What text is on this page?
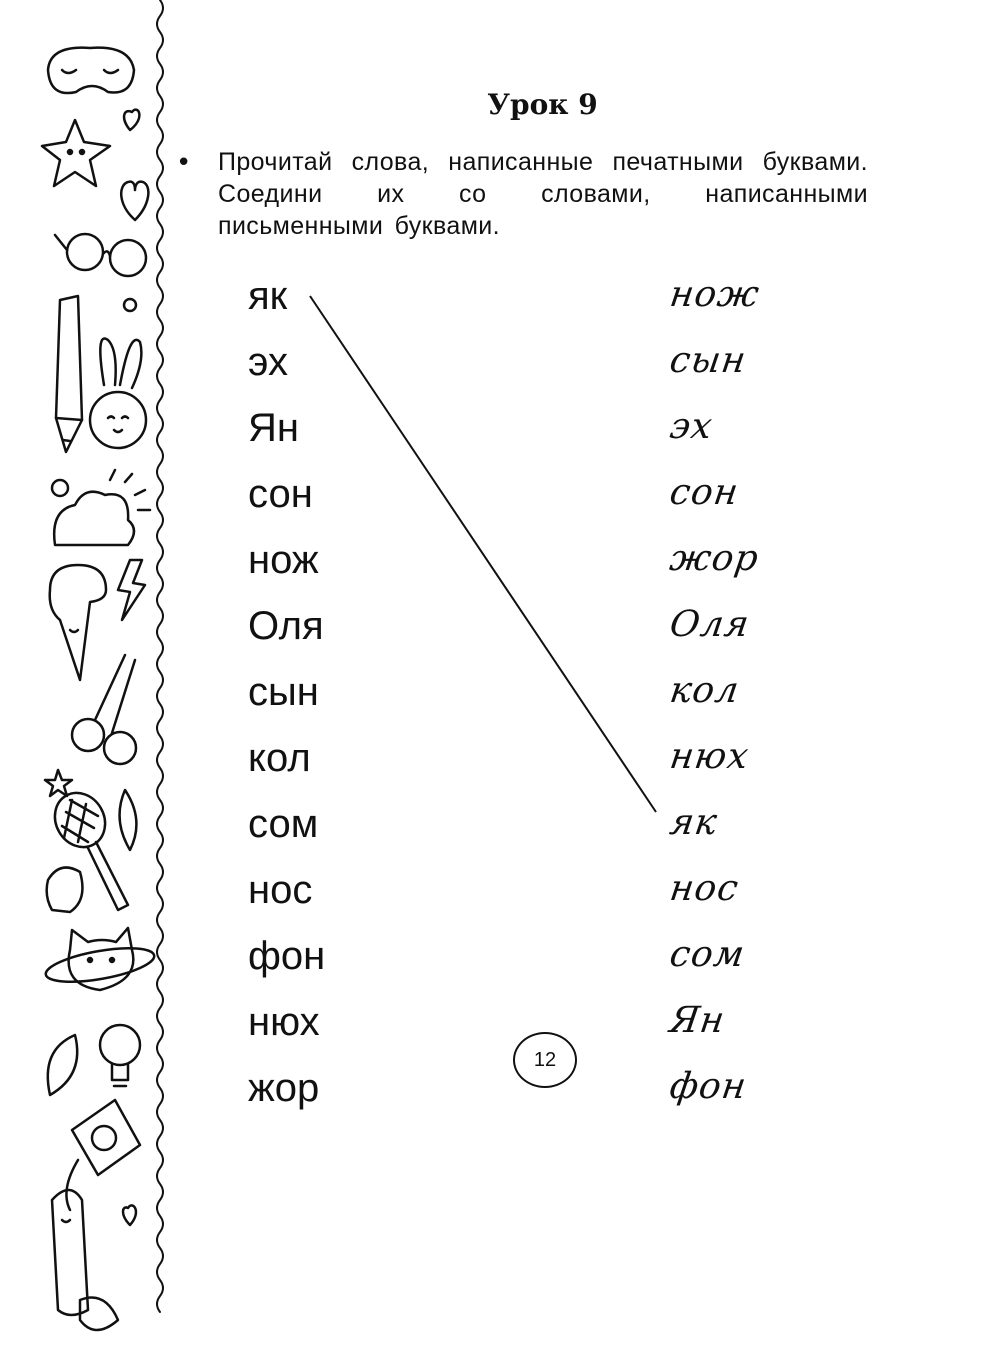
Урок 9
• Прочитай слова, написанные печатными буквами. Соедини их со словами, написанными письменными буквами.
як
эх
Ян
сон
нож
Оля
сын
кол
сом
нос
фон
нюх
жор
нож
сын
эх
сон
жор
Оля
кол
нюх
як
нос
сом
Ян
фон
12
